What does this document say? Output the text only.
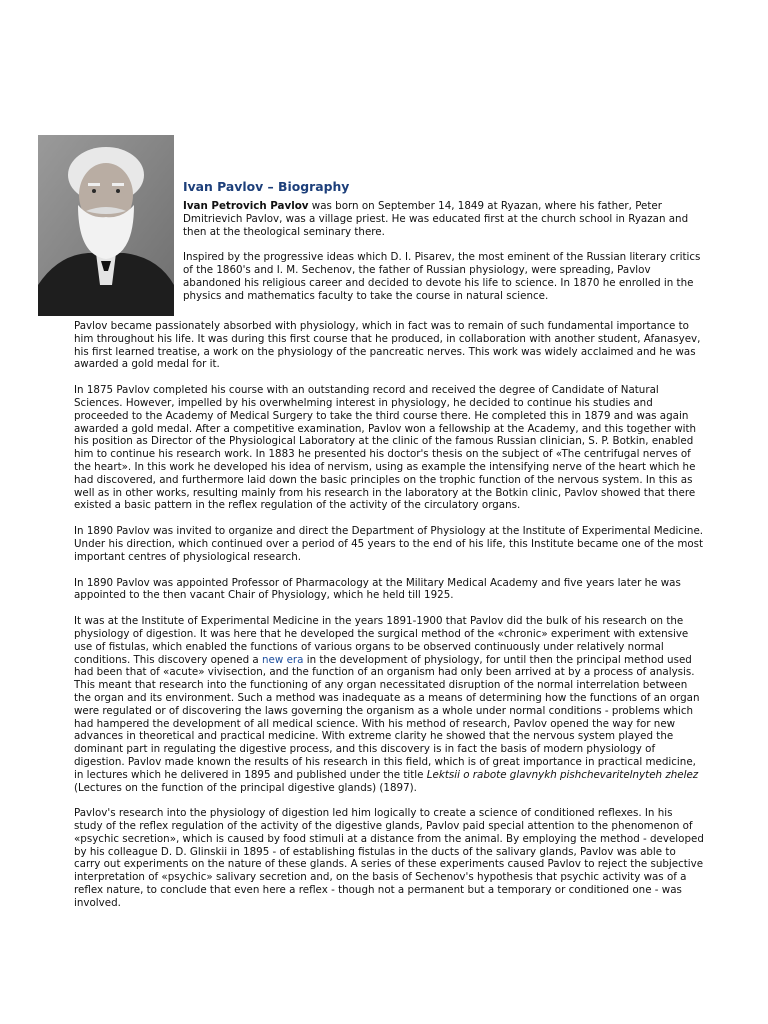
Ivan Pavlov – Biography

Ivan Petrovich Pavlov was born on September 14, 1849 at Ryazan, where his father, Peter Dmitrievich Pavlov, was a village priest. He was educated first at the church school in Ryazan and then at the theological seminary there.

Inspired by the progressive ideas which D. I. Pisarev, the most eminent of the Russian literary critics of the 1860's and I. M. Sechenov, the father of Russian physiology, were spreading, Pavlov abandoned his religious career and decided to devote his life to science. In 1870 he enrolled in the physics and mathematics faculty to take the course in natural science.

Pavlov became passionately absorbed with physiology, which in fact was to remain of such fundamental importance to him throughout his life. It was during this first course that he produced, in collaboration with another student, Afanasyev, his first learned treatise, a work on the physiology of the pancreatic nerves. This work was widely acclaimed and he was awarded a gold medal for it.

In 1875 Pavlov completed his course with an outstanding record and received the degree of Candidate of Natural Sciences. However, impelled by his overwhelming interest in physiology, he decided to continue his studies and proceeded to the Academy of Medical Surgery to take the third course there. He completed this in 1879 and was again awarded a gold medal. After a competitive examination, Pavlov won a fellowship at the Academy, and this together with his position as Director of the Physiological Laboratory at the clinic of the famous Russian clinician, S. P. Botkin, enabled him to continue his research work. In 1883 he presented his doctor's thesis on the subject of «The centrifugal nerves of the heart». In this work he developed his idea of nervism, using as example the intensifying nerve of the heart which he had discovered, and furthermore laid down the basic principles on the trophic function of the nervous system. In this as well as in other works, resulting mainly from his research in the laboratory at the Botkin clinic, Pavlov showed that there existed a basic pattern in the reflex regulation of the activity of the circulatory organs.

In 1890 Pavlov was invited to organize and direct the Department of Physiology at the Institute of Experimental Medicine. Under his direction, which continued over a period of 45 years to the end of his life, this Institute became one of the most important centres of physiological research.

In 1890 Pavlov was appointed Professor of Pharmacology at the Military Medical Academy and five years later he was appointed to the then vacant Chair of Physiology, which he held till 1925.

It was at the Institute of Experimental Medicine in the years 1891-1900 that Pavlov did the bulk of his research on the physiology of digestion. It was here that he developed the surgical method of the «chronic» experiment with extensive use of fistulas, which enabled the functions of various organs to be observed continuously under relatively normal conditions. This discovery opened a new era in the development of physiology, for until then the principal method used had been that of «acute» vivisection, and the function of an organism had only been arrived at by a process of analysis. This meant that research into the functioning of any organ necessitated disruption of the normal interrelation between the organ and its environment. Such a method was inadequate as a means of determining how the functions of an organ were regulated or of discovering the laws governing the organism as a whole under normal conditions - problems which had hampered the development of all medical science. With his method of research, Pavlov opened the way for new advances in theoretical and practical medicine. With extreme clarity he showed that the nervous system played the dominant part in regulating the digestive process, and this discovery is in fact the basis of modern physiology of digestion. Pavlov made known the results of his research in this field, which is of great importance in practical medicine, in lectures which he delivered in 1895 and published under the title Lektsii o rabote glavnykh pishchevaritelnyteh zhelez (Lectures on the function of the principal digestive glands) (1897).

Pavlov's research into the physiology of digestion led him logically to create a science of conditioned reflexes. In his study of the reflex regulation of the activity of the digestive glands, Pavlov paid special attention to the phenomenon of «psychic secretion», which is caused by food stimuli at a distance from the animal. By employing the method - developed by his colleague D. D. Glinskii in 1895 - of establishing fistulas in the ducts of the salivary glands, Pavlov was able to carry out experiments on the nature of these glands. A series of these experiments caused Pavlov to reject the subjective interpretation of «psychic» salivary secretion and, on the basis of Sechenov's hypothesis that psychic activity was of a reflex nature, to conclude that even here a reflex - though not a permanent but a temporary or conditioned one - was involved.
